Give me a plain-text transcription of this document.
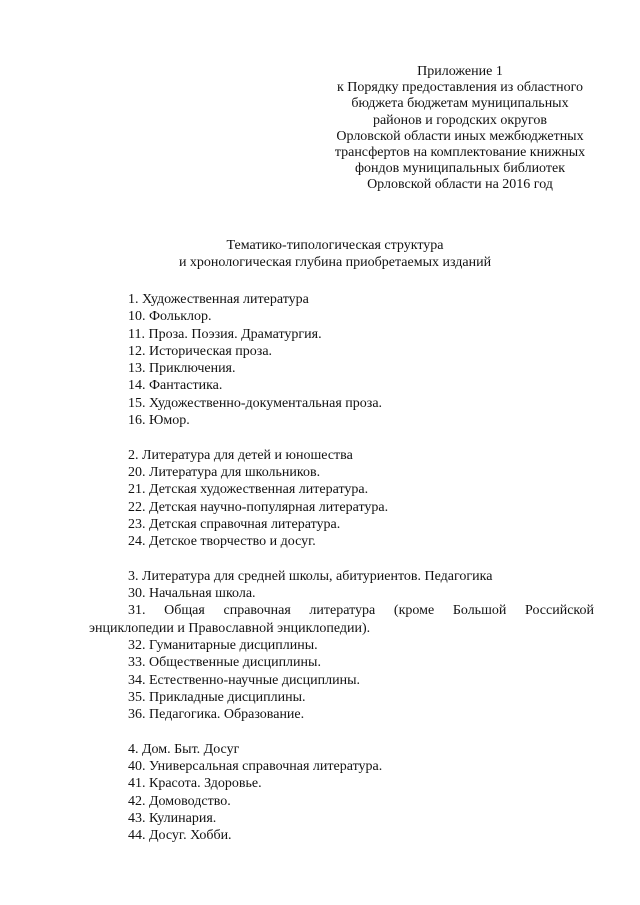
Приложение 1
к Порядку предоставления из областного
бюджета бюджетам муниципальных
районов и городских округов
Орловской области иных межбюджетных
трансфертов на комплектование книжных
фондов муниципальных библиотек
Орловской области на 2016 год
Тематико-типологическая структура
и хронологическая глубина приобретаемых изданий
1. Художественная литература
10. Фольклор.
11. Проза. Поэзия. Драматургия.
12. Историческая проза.
13. Приключения.
14. Фантастика.
15. Художественно-документальная проза.
16. Юмор.
2. Литература для детей и юношества
20. Литература для школьников.
21. Детская художественная литература.
22. Детская научно-популярная литература.
23. Детская справочная литература.
24. Детское творчество и досуг.
3. Литература для средней школы, абитуриентов. Педагогика
30. Начальная школа.
31. Общая справочная литература (кроме Большой Российской
энциклопедии и Православной энциклопедии).
32. Гуманитарные дисциплины.
33. Общественные дисциплины.
34. Естественно-научные дисциплины.
35. Прикладные дисциплины.
36. Педагогика. Образование.
4. Дом. Быт. Досуг
40. Универсальная справочная литература.
41. Красота. Здоровье.
42. Домоводство.
43. Кулинария.
44. Досуг. Хобби.
